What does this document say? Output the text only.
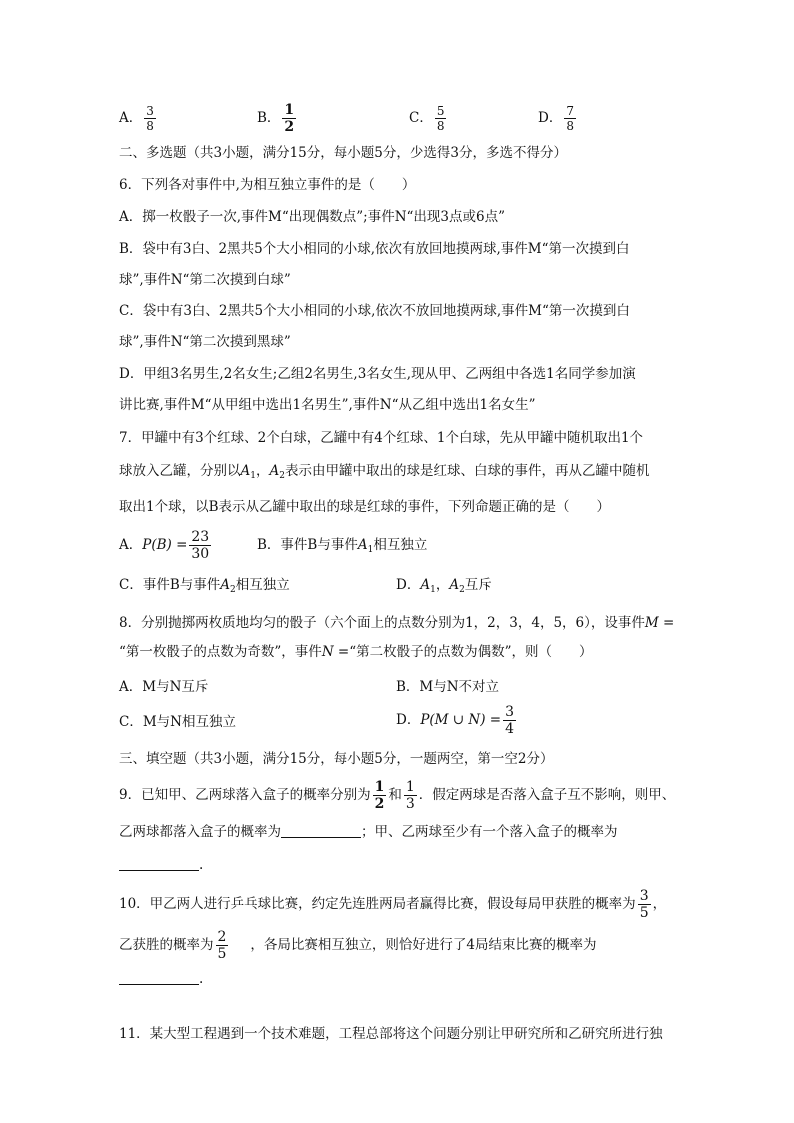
A． $\frac{3}{8}$	B． $\frac{1}{2}$	C． $\frac{5}{8}$	D． $\frac{7}{8}$
二、多选题（共3小题，满分15分，每小题5分，少选得3分，多选不得分）
6．下列各对事件中,为相互独立事件的是（　　）
A．掷一枚骰子一次,事件M“出现偶数点”;事件N“出现3点或6点”
B．袋中有3白、2黑共5个大小相同的小球,依次有放回地摸两球,事件M“第一次摸到白
球”,事件N“第二次摸到白球”
C．袋中有3白、2黑共5个大小相同的小球,依次不放回地摸两球,事件M“第一次摸到白
球”,事件N“第二次摸到黑球”
D．甲组3名男生,2名女生;乙组2名男生,3名女生,现从甲、乙两组中各选1名同学参加演
讲比赛,事件M“从甲组中选出1名男生”,事件N“从乙组中选出1名女生”
7．甲罐中有3个红球、2个白球，乙罐中有4个红球、1个白球，先从甲罐中随机取出1个
球放入乙罐，分别以$A_1$，$A_2$表示由甲罐中取出的球是红球、白球的事件，再从乙罐中随机
取出1个球，以B表示从乙罐中取出的球是红球的事件，下列命题正确的是（　　）
A．$P(B) = \frac{23}{30}$	B．事件B与事件$A_1$相互独立
C．事件B与事件$A_2$相互独立	D．$A_1$，$A_2$互斥
8．分别抛掷两枚质地均匀的骰子（六个面上的点数分别为1，2，3，4，5，6），设事件M =
“第一枚骰子的点数为奇数”，事件N =“第二枚骰子的点数为偶数”，则（　　）
A．M与N互斥	B．M与N不对立
C．M与N相互独立	D．P(M ∪ $N) = \frac{3}{4}$
三、填空题（共3小题，满分15分，每小题5分，一题两空，第一空2分）
9．已知甲、乙两球落入盒子的概率分别为 $\frac{1}{2}$ 和 $\frac{1}{3}$ ．假定两球是否落入盒子互不影响，则甲、
乙两球都落入盒子的概率为	；甲、乙两球至少有一个落入盒子的概率为
.
10．甲乙两人进行乒乓球比赛，约定先连胜两局者赢得比赛，假设每局甲获胜的概率为 $\frac{3}{5}$ ，
乙获胜的概率为 $\frac{2}{5}$ ，各局比赛相互独立，则恰好进行了4局结束比赛的概率为
.
11．某大型工程遇到一个技术难题，工程总部将这个问题分别让甲研究所和乙研究所进行独
